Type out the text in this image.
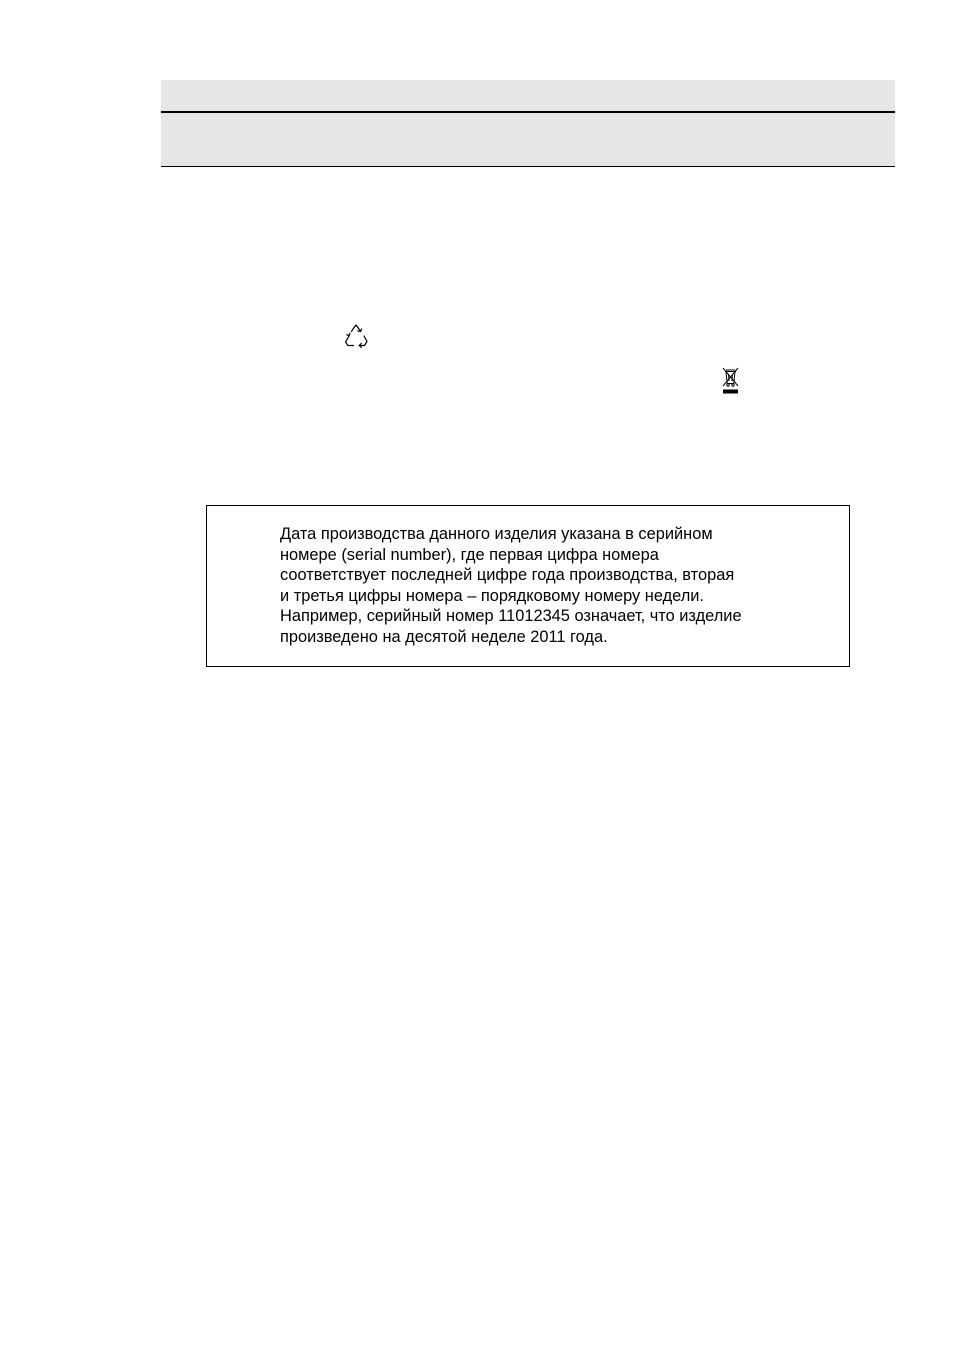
Дата производства данного изделия указана в серийном
номере (serial number), где первая цифра номера
соответствует последней цифре года производства, вторая
и третья цифры номера – порядковому номеру недели.
Например, серийный номер 11012345 означает, что изделие
произведено на десятой неделе 2011 года.
